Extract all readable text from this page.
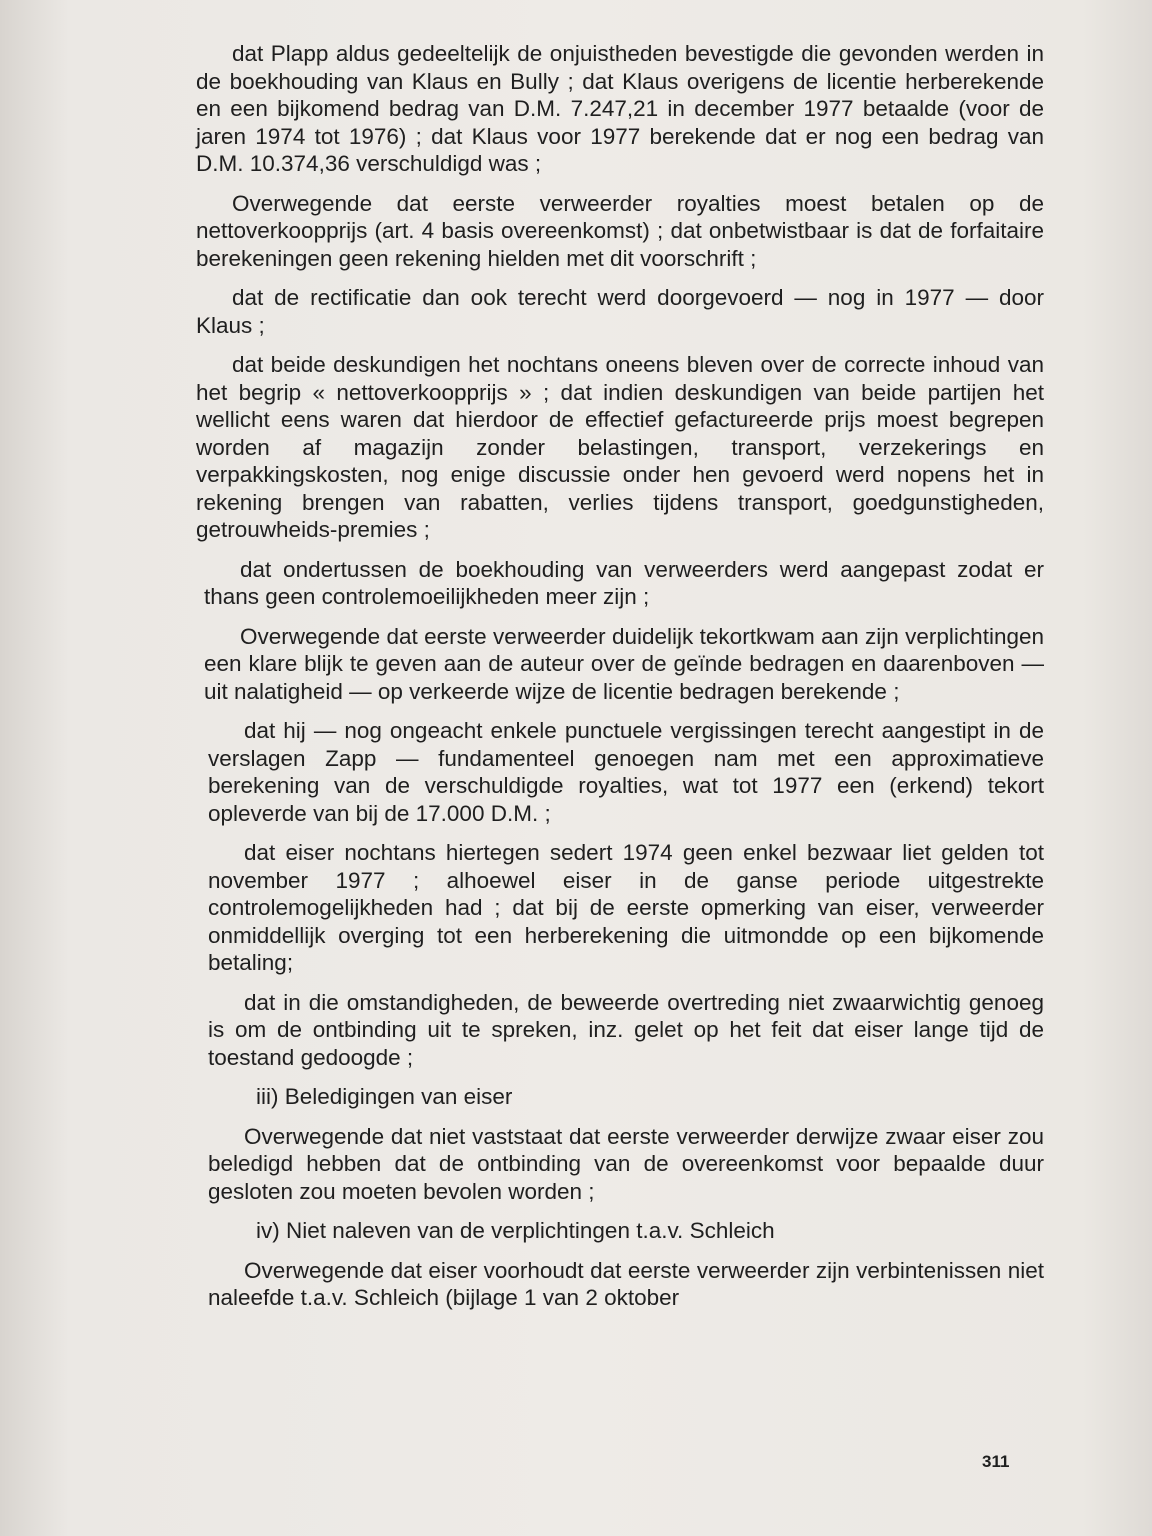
dat Plapp aldus gedeeltelijk de onjuistheden bevestigde die gevonden werden in de boekhouding van Klaus en Bully ; dat Klaus overigens de licentie herberekende en een bijkomend bedrag van D.M. 7.247,21 in december 1977 betaalde (voor de jaren 1974 tot 1976) ; dat Klaus voor 1977 berekende dat er nog een bedrag van D.M. 10.374,36 verschuldigd was ;

Overwegende dat eerste verweerder royalties moest betalen op de nettoverkoopprijs (art. 4 basis overeenkomst) ; dat onbetwistbaar is dat de forfaitaire berekeningen geen rekening hielden met dit voorschrift ;

dat de rectificatie dan ook terecht werd doorgevoerd — nog in 1977 — door Klaus ;

dat beide deskundigen het nochtans oneens bleven over de correcte inhoud van het begrip « nettoverkoopprijs » ; dat indien deskundigen van beide partijen het wellicht eens waren dat hierdoor de effectief gefactureerde prijs moest begrepen worden af magazijn zonder belastingen, transport, verzekerings en verpakkingskosten, nog enige discussie onder hen gevoerd werd nopens het in rekening brengen van rabatten, verlies tijdens transport, goedgunstigheden, getrouwheids-premies ;

dat ondertussen de boekhouding van verweerders werd aangepast zodat er thans geen controlemoeilijkheden meer zijn ;

Overwegende dat eerste verweerder duidelijk tekortkwam aan zijn verplichtingen een klare blijk te geven aan de auteur over de geïnde bedragen en daarenboven — uit nalatigheid — op verkeerde wijze de licentie bedragen berekende ;

dat hij — nog ongeacht enkele punctuele vergissingen terecht aangestipt in de verslagen Zapp — fundamenteel genoegen nam met een approximatieve berekening van de verschuldigde royalties, wat tot 1977 een (erkend) tekort opleverde van bij de 17.000 D.M. ;

dat eiser nochtans hiertegen sedert 1974 geen enkel bezwaar liet gelden tot november 1977 ; alhoewel eiser in de ganse periode uitgestrekte controlemogelijkheden had ; dat bij de eerste opmerking van eiser, verweerder onmiddellijk overging tot een herberekening die uitmondde op een bijkomende betaling;

dat in die omstandigheden, de beweerde overtreding niet zwaarwichtig genoeg is om de ontbinding uit te spreken, inz. gelet op het feit dat eiser lange tijd de toestand gedoogde ;

iii) Beledigingen van eiser

Overwegende dat niet vaststaat dat eerste verweerder derwijze zwaar eiser zou beledigd hebben dat de ontbinding van de overeenkomst voor bepaalde duur gesloten zou moeten bevolen worden ;

iv) Niet naleven van de verplichtingen t.a.v. Schleich

Overwegende dat eiser voorhoudt dat eerste verweerder zijn verbintenissen niet naleefde t.a.v. Schleich (bijlage 1 van 2 oktober

311
